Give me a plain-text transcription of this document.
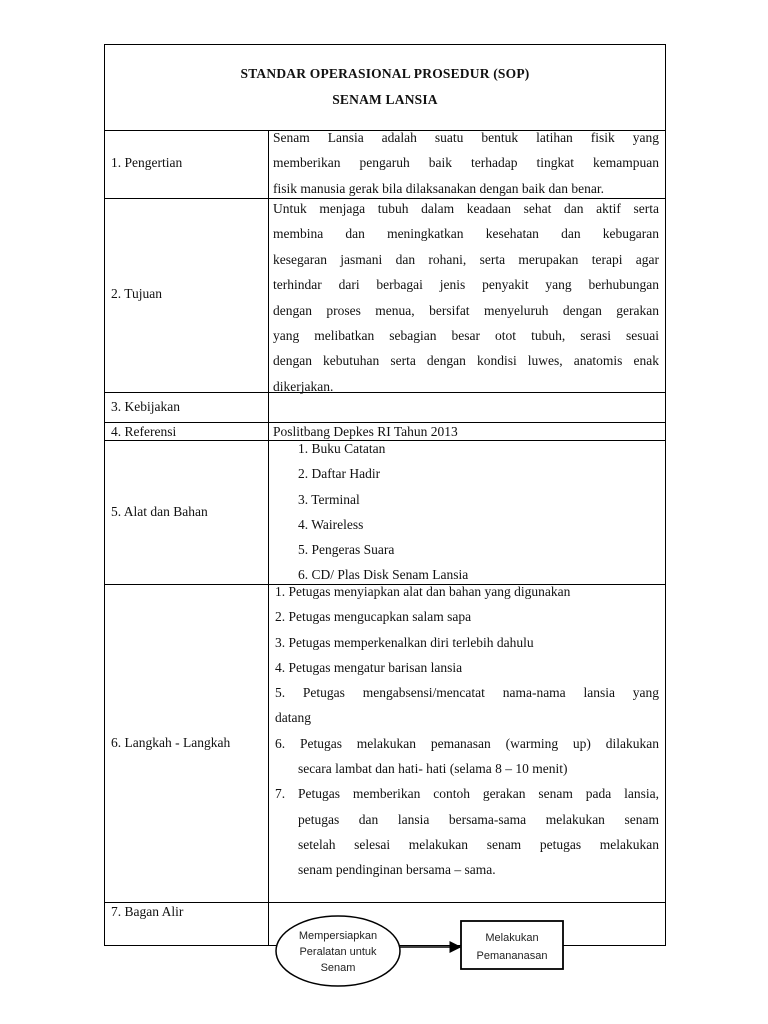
STANDAR OPERASIONAL PROSEDUR (SOP)
SENAM LANSIA
1. Pengertian

Senam Lansia adalah suatu bentuk latihan fisik yang

memberikan pengaruh baik terhadap tingkat kemampuan

fisik manusia gerak bila dilaksanakan dengan baik dan benar.

2. Tujuan

Untuk menjaga tubuh dalam keadaan sehat dan aktif serta

membina dan meningkatkan kesehatan dan kebugaran

kesegaran jasmani dan rohani, serta merupakan terapi agar

terhindar dari berbagai jenis penyakit yang berhubungan

dengan proses menua, bersifat menyeluruh dengan gerakan

yang melibatkan sebagian besar otot tubuh, serasi sesuai

dengan kebutuhan serta dengan kondisi luwes, anatomis enak

dikerjakan.

3. Kebijakan
4. Referensi	Poslitbang Depkes RI Tahun 2013
5. Alat dan Bahan
1. Buku Catatan
2. Daftar Hadir
3. Terminal
4. Waireless
5. Pengeras Suara
6. CD/ Plas Disk Senam Lansia
6. Langkah - Langkah
1. Petugas menyiapkan alat dan bahan yang digunakan
2. Petugas mengucapkan salam sapa
3. Petugas memperkenalkan diri terlebih dahulu
4. Petugas mengatur barisan lansia
5. Petugas mengabsensi/mencatat nama-nama lansia yang
datang
6. Petugas melakukan pemanasan (warming up) dilakukan
secara lambat dan hati- hati (selama 8 – 10 menit)
7. Petugas memberikan contoh gerakan senam pada lansia,
petugas dan lansia bersama-sama melakukan senam
setelah selesai melakukan senam petugas melakukan
senam pendinginan bersama – sama.
7. Bagan Alir
Mempersiapkan
Peralatan untuk
Senam
Melakukan
Pemananasan
